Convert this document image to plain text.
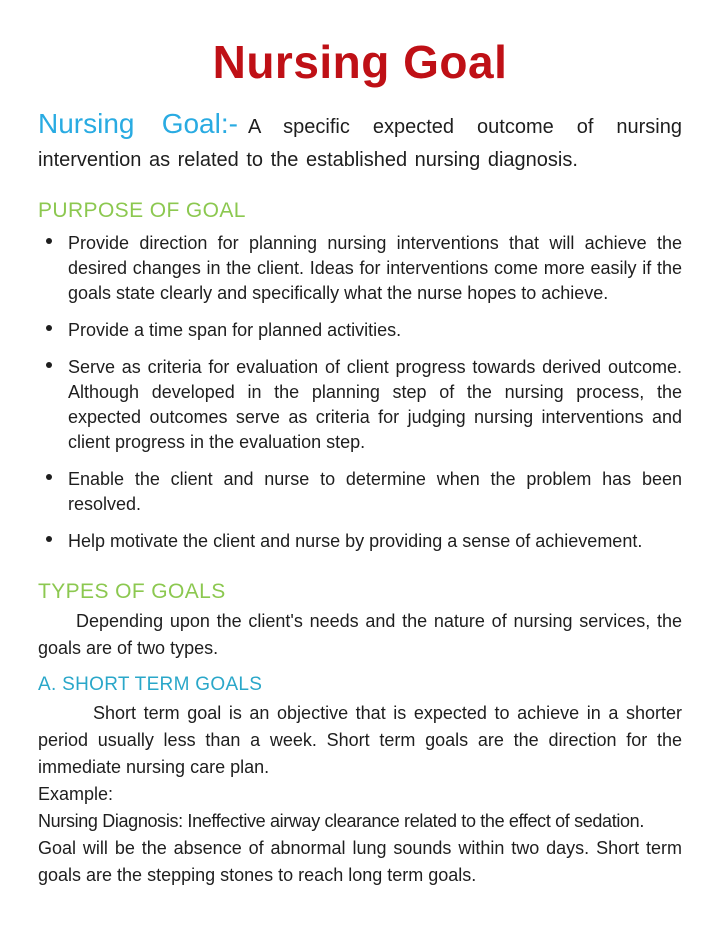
Nursing Goal

Nursing Goal:- A specific expected outcome of nursing intervention as related to the established nursing diagnosis.

PURPOSE OF GOAL
Provide direction for planning nursing interventions that will achieve the desired changes in the client. Ideas for interventions come more easily if the goals state clearly and specifically what the nurse hopes to achieve.
Provide a time span for planned activities.
Serve as criteria for evaluation of client progress towards derived outcome. Although developed in the planning step of the nursing process, the expected outcomes serve as criteria for judging nursing interventions and client progress in the evaluation step.
Enable the client and nurse to determine when the problem has been resolved.
Help motivate the client and nurse by providing a sense of achievement.
TYPES OF GOALS

Depending upon the client's needs and the nature of nursing services, the goals are of two types.

A. SHORT TERM GOALS

Short term goal is an objective that is expected to achieve in a shorter period usually less than a week. Short term goals are the direction for the immediate nursing care plan.

Example:

Nursing Diagnosis: Ineffective airway clearance related to the effect of sedation.

Goal will be the absence of abnormal lung sounds within two days. Short term goals are the stepping stones to reach long term goals.
